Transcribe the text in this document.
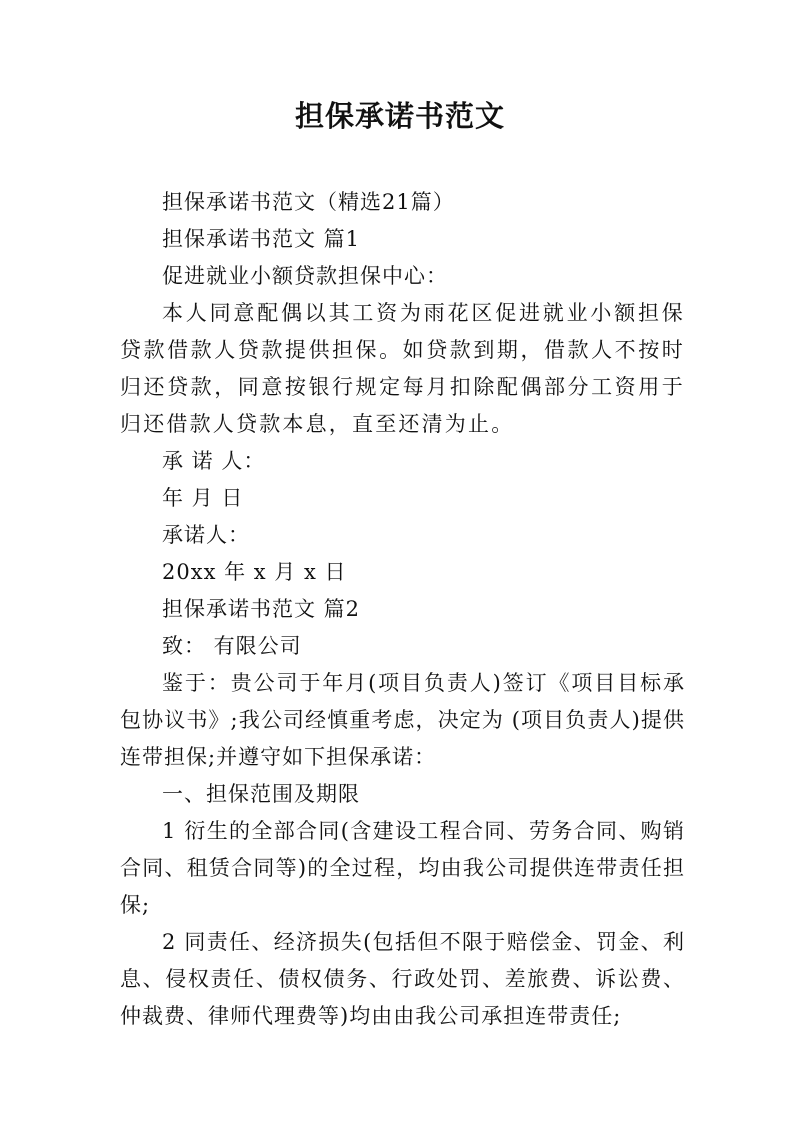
担保承诺书范文

担保承诺书范文（精选21篇）

担保承诺书范文 篇1

促进就业小额贷款担保中心：

本人同意配偶以其工资为雨花区促进就业小额担保贷款借款人贷款提供担保。如贷款到期，借款人不按时归还贷款，同意按银行规定每月扣除配偶部分工资用于归还借款人贷款本息，直至还清为止。

承 诺 人：

年 月 日

承诺人：

20xx 年 x 月 x 日

担保承诺书范文 篇2

致： 有限公司

鉴于：贵公司于年月(项目负责人)签订《项目目标承包协议书》;我公司经慎重考虑，决定为 (项目负责人)提供连带担保;并遵守如下担保承诺：

一、担保范围及期限

1 衍生的全部合同(含建设工程合同、劳务合同、购销合同、租赁合同等)的全过程，均由我公司提供连带责任担保;

2 同责任、经济损失(包括但不限于赔偿金、罚金、利息、侵权责任、债权债务、行政处罚、差旅费、诉讼费、仲裁费、律师代理费等)均由由我公司承担连带责任;
